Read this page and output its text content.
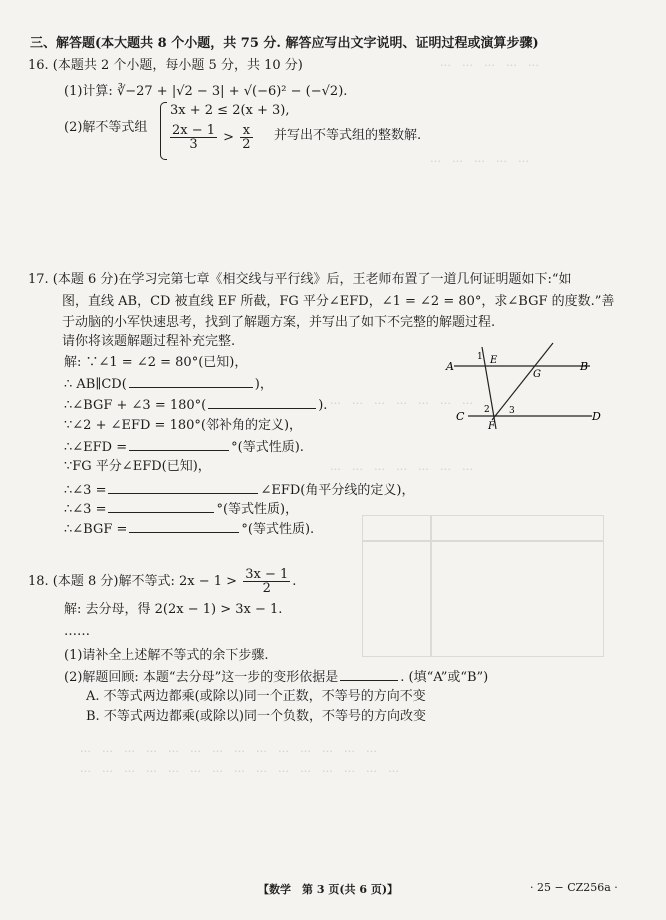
…　…　…　…　…
…　…　…　…　…
…　…　…　…　…　…　…
…　…　…　…　…　…　…
…　…　…　…　…　…　…　…　…　…　…　…　…　…
…　…　…　…　…　…　…　…　…　…　…　…　…　…　…
三、解答题(本大题共 8 个小题，共 75 分. 解答应写出文字说明、证明过程或演算步骤)
16. (本题共 2 个小题，每小题 5 分，共 10 分)
(1)计算: ∛−27 + |√2 − 3| + √(−6)² − (−√2).
(2)解不等式组
3x + 2 ≤ 2(x + 3),
$\frac{2x - 1}{3} > \frac{x}{2}$ 并写出不等式组的整数解.
17. (本题 6 分)在学习完第七章《相交线与平行线》后，王老师布置了一道几何证明题如下:“如
图，直线 AB，CD 被直线 EF 所截，FG 平分∠EFD，∠1 = ∠2 = 80°，求∠BGF 的度数.”善
于动脑的小军快速思考，找到了解题方案，并写出了如下不完整的解题过程.
请你将该题解题过程补充完整.
解: ∵∠1 = ∠2 = 80°(已知)，
∴ AB∥CD(	)，
∴∠BGF + ∠3 = 180°(	).
∵∠2 + ∠EFD = 180°(邻补角的定义)，
∴∠EFD =	°(等式性质).
∵FG 平分∠EFD(已知)，
∴∠3 =	∠EFD(角平分线的定义)，
∴∠3 =	°(等式性质)，
∴∠BGF =	°(等式性质).
A	B
C	D
E
F
G
1
2 3
18. (本题 8 分)解不等式: $2x - 1 > \frac{3x - 1}{2}$ .
解: 去分母，得 2(2x − 1) > 3x − 1.
……
(1)请补全上述解不等式的余下步骤.
(2)解题回顾: 本题“去分母”这一步的变形依据是	. (填“A”或“B”)
A. 不等式两边都乘(或除以)同一个正数，不等号的方向不变
B. 不等式两边都乘(或除以)同一个负数，不等号的方向改变
【数学　第 3 页(共 6 页)】	· 25 − CZ256a ·
